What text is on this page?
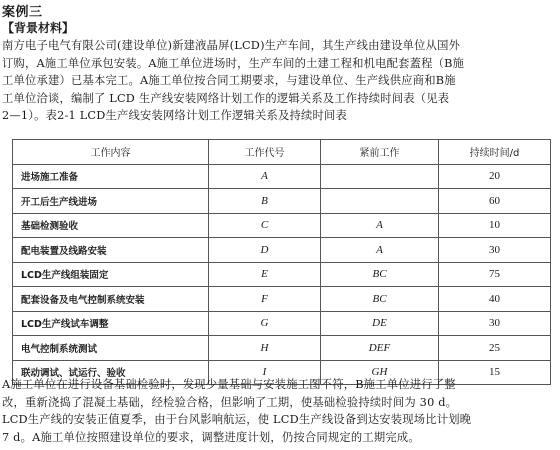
案例三
【背景材料】
南方电子电气有限公司(建设单位)新建液晶屏(LCD)生产车间，其生产线由建设单位从国外
订购，A施工单位承包安装。A施工单位进场时，生产车间的土建工程和机电配套蓋程（B施
工单位承建）已基本完工。A施工单位按合同工期要求，与建设单位、生产线供应商和B施
工单位洽谈，编制了 LCD 生产线安装网络计划工作的逻辑关系及工作持续时间表（见表
2—1）。表2-1 LCD生产线安装网络计划工作逻辑关系及持续时间表
工作内容	工作代号	紧前工作	持续时间/d
进场施工准备	A		20
开工后生产线进场	B		60
基础检测验收	C	A	10
配电装置及线路安装	D	A	30
LCD生产线组装固定	E	BC	75
配套设备及电气控制系统安装	F	BC	40
LCD生产线试车调整	G	DE	30
电气控制系统测试	H	DEF	25
联动调试、试运行、验收	I	GH	15
A施工单位在进行设备基础检验时，发现少量基础与安装施工图不符，B施工单位进行了整
改，重新浇捣了混凝土基础，经检验合格，但影响了工期，使基础检验持续时间为 30 d。
LCD生产线的安装正值夏季，由于台风影响航运，使 LCD生产线设备到达安装现场比计划晚
7 d。A施工单位按照建设单位的要求，调整进度计划，仍按合同规定的工期完成。
